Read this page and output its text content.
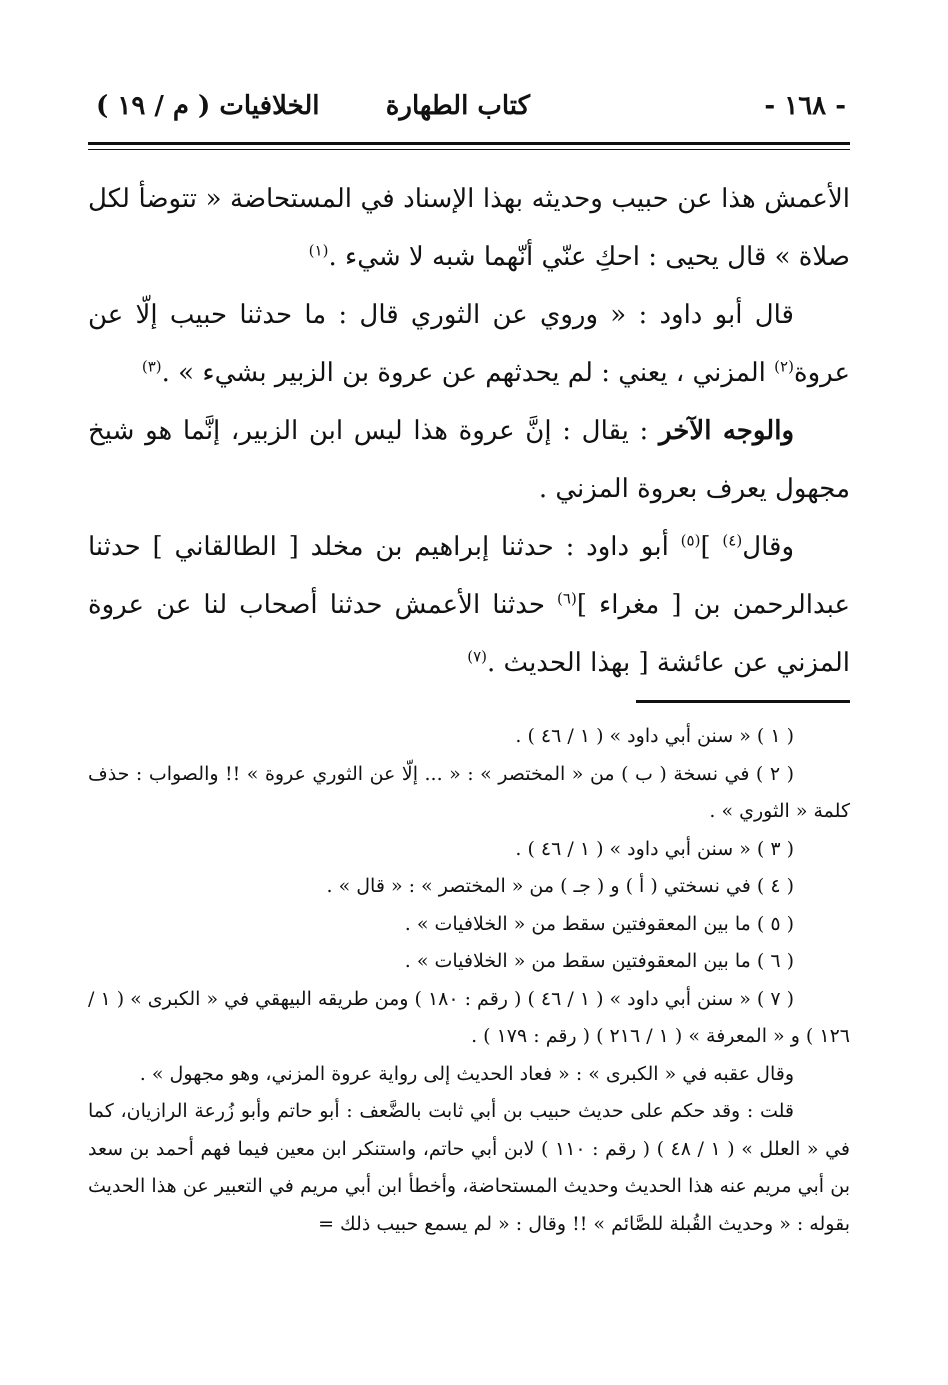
- ١٦٨ -
كتاب الطهارة
الخلافيات ( م / ١٩ )

الأعمش هذا عن حبيب وحديثه بهذا الإسناد في المستحاضة « تتوضأ لكل صلاة » قال يحيى : احكِ عنّي أنّهما شبه لا شيء .$^{(١)}$

قال أبو داود : « وروي عن الثوري قال : ما حدثنا حبيب إلّا عن عروة$^{(٢)}$ المزني ، يعني : لم يحدثهم عن عروة بن الزبير بشيء » .$^{(٣)}$

والوجه الآخر : يقال : إنَّ عروة هذا ليس ابن الزبير، إنَّما هو شيخ مجهول يعرف بعروة المزني .

وقال$^{(٤)}$ ]$^{(٥)}$ أبو داود : حدثنا إبراهيم بن مخلد [ الطالقاني ] حدثنا عبدالرحمن بن [ مغراء ]$^{(٦)}$ حدثنا الأعمش حدثنا أصحاب لنا عن عروة المزني عن عائشة [ بهذا الحديث .$^{(٧)}$

( ١ ) « سنن أبي داود » ( ١ / ٤٦ ) .

( ٢ ) في نسخة ( ب ) من « المختصر » : « ... إلّا عن الثوري عروة » !! والصواب : حذف كلمة « الثوري » .

( ٣ ) « سنن أبي داود » ( ١ / ٤٦ ) .

( ٤ ) في نسختي ( أ ) و ( جـ ) من « المختصر » : « قال » .

( ٥ ) ما بين المعقوفتين سقط من « الخلافيات » .

( ٦ ) ما بين المعقوفتين سقط من « الخلافيات » .

( ٧ ) « سنن أبي داود » ( ١ / ٤٦ ) ( رقم : ١٨٠ ) ومن طريقه البيهقي في « الكبرى » ( ١ / ١٢٦ ) و « المعرفة » ( ١ / ٢١٦ ) ( رقم : ١٧٩ ) .

وقال عقبه في « الكبرى » : « فعاد الحديث إلى رواية عروة المزني، وهو مجهول » .

قلت : وقد حكم على حديث حبيب بن أبي ثابت بالضَّعف : أبو حاتم وأبو زُرعة الرازيان، كما في « العلل » ( ١ / ٤٨ ) ( رقم : ١١٠ ) لابن أبي حاتم، واستنكر ابن معين فيما فهم أحمد بن سعد بن أبي مريم عنه هذا الحديث وحديث المستحاضة، وأخطأ ابن أبي مريم في التعبير عن هذا الحديث بقوله : « وحديث القُبلة للصَّائم » !! وقال : « لم يسمع حبيب ذلك =
